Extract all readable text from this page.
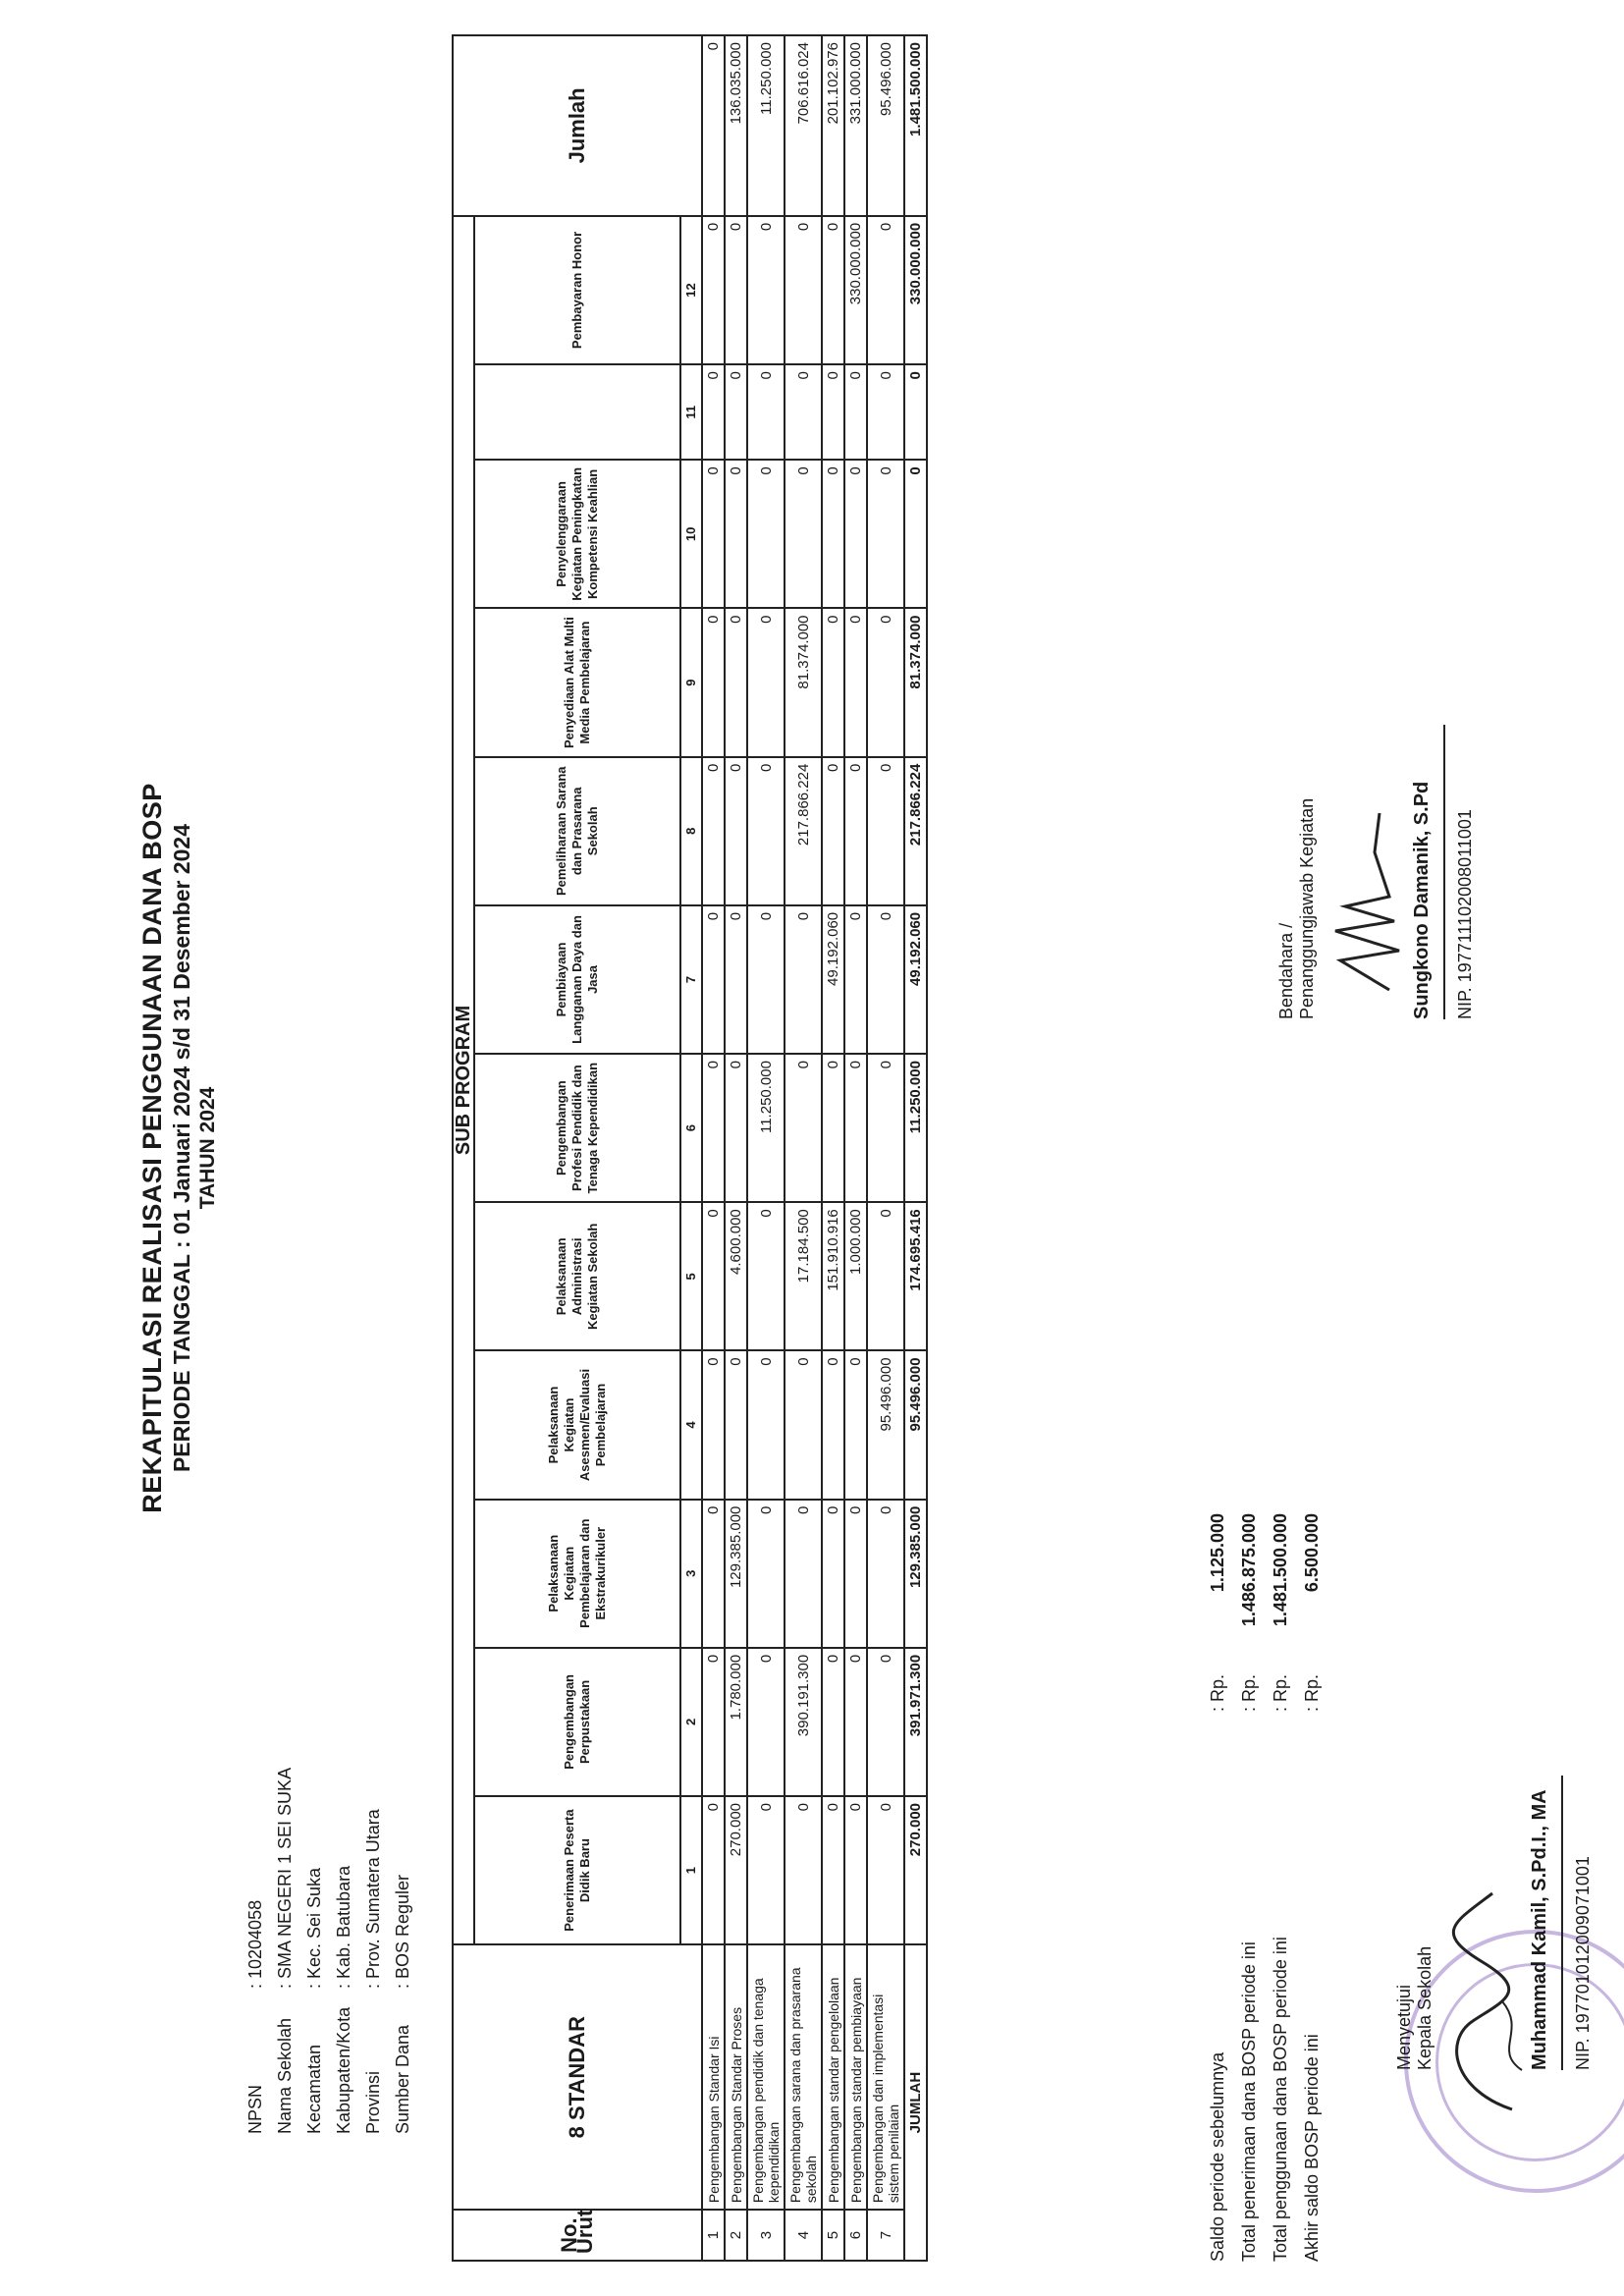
REKAPITULASI REALISASI PENGGUNAAN DANA BOSP PERIODE TANGGAL : 01 Januari 2024 s/d 31 Desember 2024 TAHUN 2024
NPSN
: 10204058
Nama Sekolah
: SMA NEGERI 1 SEI SUKA
Kecamatan
: Kec. Sei Suka
Kabupaten/Kota
: Kab. Batubara
Provinsi
: Prov. Sumatera Utara
Sumber Dana
: BOS Reguler
No. Urut	8 STANDAR	SUB PROGRAM												Jumlah
		Penerimaan Peserta Didik Baru	Pengembangan Perpustakaan	Pelaksanaan Kegiatan Pembelajaran dan Ekstrakurikuler	Pelaksanaan Kegiatan Asesmen/Evaluasi Pembelajaran	Pelaksanaan Administrasi Kegiatan Sekolah	Pengembangan Profesi Pendidik dan Tenaga Kependidikan	Pembiayaan Langganan Daya dan Jasa	Pemeliharaan Sarana dan Prasarana Sekolah	Penyediaan Alat Multi Media Pembelajaran	Penyelenggaraan Kegiatan Peningkatan Kompetensi Keahlian		Pembayaran Honor	
		1	2	3	4	5	6	7	8	9	10	11	12	
1	Pengembangan Standar Isi	0	0	0	0	0	0	0	0	0	0	0	0	0
2	Pengembangan Standar Proses	270.000	1.780.000	129.385.000	0	4.600.000	0	0	0	0	0	0	0	136.035.000
3	Pengembangan pendidik dan tenaga kependidikan	0	0	0	0	0	11.250.000	0	0	0	0	0	0	11.250.000
4	Pengembangan sarana dan prasarana sekolah	0	390.191.300	0	0	17.184.500	0	0	217.866.224	81.374.000	0	0	0	706.616.024
5	Pengembangan standar pengelolaan	0	0	0	0	151.910.916	0	49.192.060	0	0	0	0	0	201.102.976
6	Pengembangan standar pembiayaan	0	0	0	0	1.000.000	0	0	0	0	0	0	330.000.000	331.000.000
7	Pengembangan dan implementasi sistem penilaian	0	0	0	95.496.000	0	0	0	0	0	0	0	0	95.496.000
JUMLAH		270.000	391.971.300	129.385.000	95.496.000	174.695.416	11.250.000	49.192.060	217.866.224	81.374.000	0	0	330.000.000	1.481.500.000
Saldo periode sebelumnya
: Rp.
1.125.000
Total penerimaan dana BOSP periode ini
: Rp.
1.486.875.000
Total penggunaan dana BOSP periode ini
: Rp.
1.481.500.000
Akhir saldo BOSP periode ini
: Rp.
6.500.000
Menyetujui Kepala Sekolah	Muhammad Kamil, S.Pd.I., MA NIP. 197701012009071001
Bendahara / Penanggungjawab Kegiatan	Sungkono Damanik, S.Pd NIP. 197711102008011001
